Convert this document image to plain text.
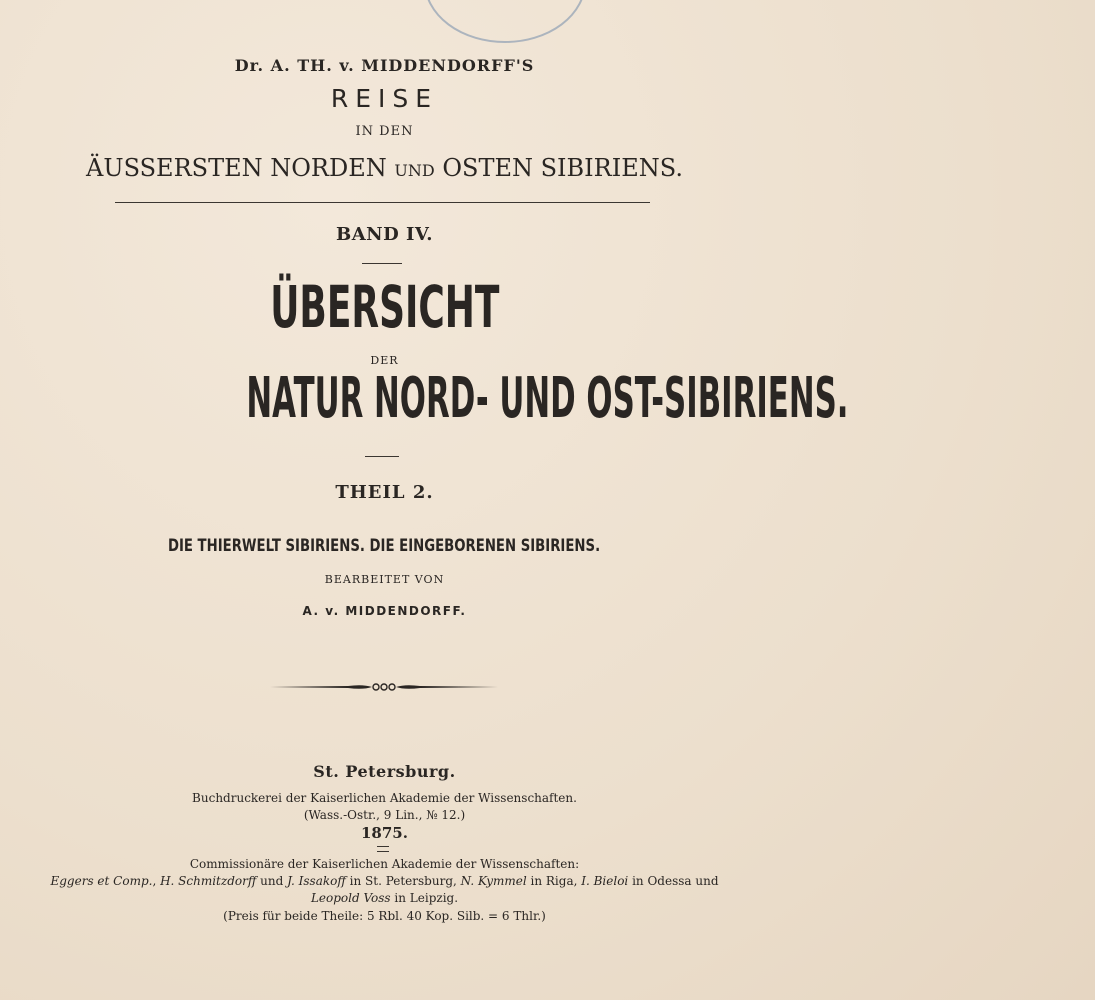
Dr. A. TH. v. MIDDENDORFF'S
REISE
IN DEN
ÄUSSERSTEN NORDEN UND OSTEN SIBIRIENS.
BAND IV.
ÜBERSICHT
DER
NATUR NORD- UND OST-SIBIRIENS.
THEIL 2.
DIE THIERWELT SIBIRIENS. DIE EINGEBORENEN SIBIRIENS.
BEARBEITET VON
A. v. MIDDENDORFF.
St. Petersburg.
Buchdruckerei der Kaiserlichen Akademie der Wissenschaften.
(Wass.-Ostr., 9 Lin., № 12.)
1875.
Commissionäre der Kaiserlichen Akademie der Wissenschaften:
Eggers et Comp., H. Schmitzdorff und J. Issakoff in St. Petersburg, N. Kymmel in Riga, I. Bieloi in Odessa und
Leopold Voss in Leipzig.
(Preis für beide Theile: 5 Rbl. 40 Kop. Silb. = 6 Thlr.)
